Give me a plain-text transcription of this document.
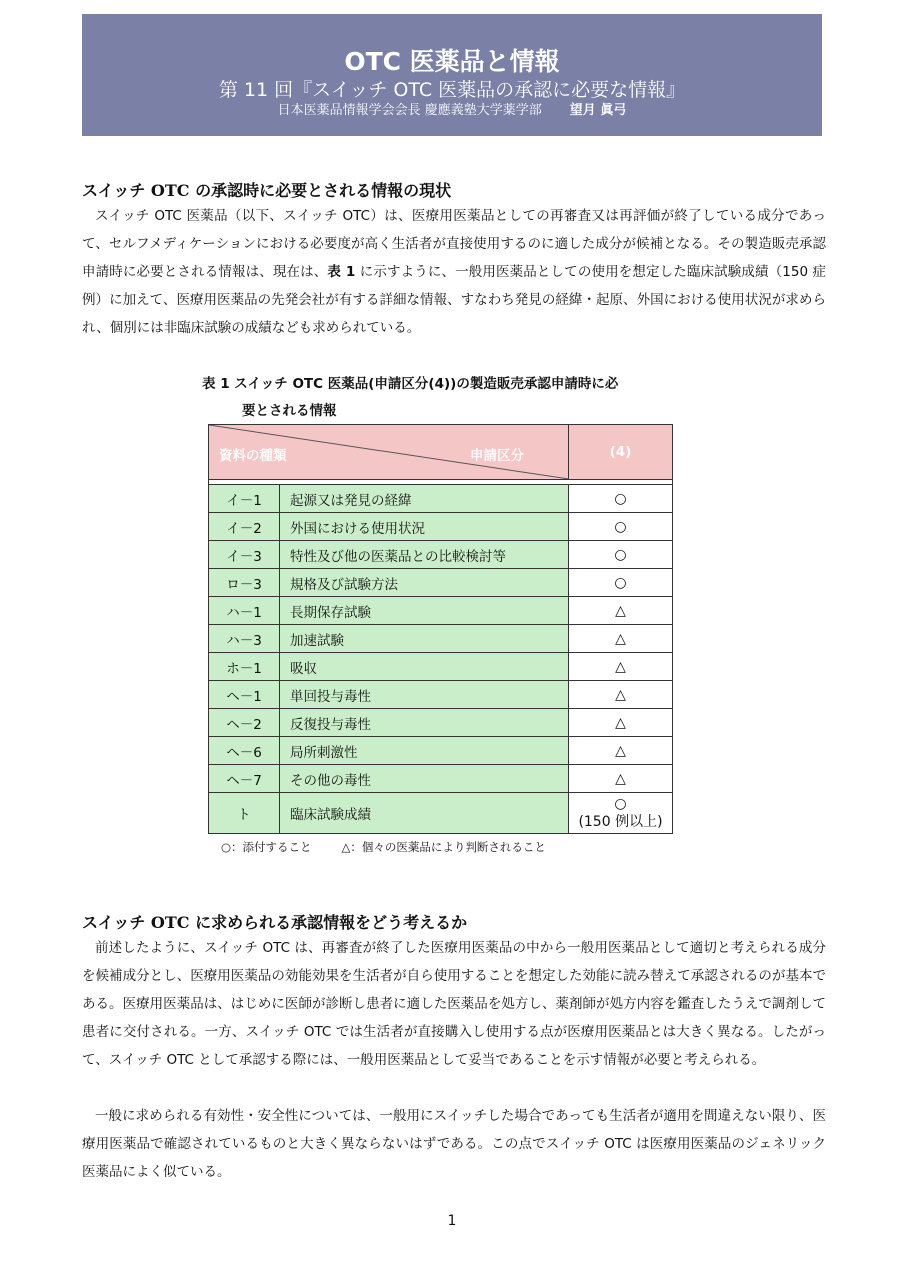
OTC 医薬品と情報
第 11 回『スイッチ OTC 医薬品の承認に必要な情報』
日本医薬品情報学会会長 慶應義塾大学薬学部 望月 眞弓
スイッチ OTC の承認時に必要とされる情報の現状

スイッチ OTC 医薬品（以下、スイッチ OTC）は、医療用医薬品としての再審査又は再評価が終了している成分であって、セルフメディケーションにおける必要度が高く生活者が直接使用するのに適した成分が候補となる。その製造販売承認申請時に必要とされる情報は、現在は、表 1 に示すように、一般用医薬品としての使用を想定した臨床試験成績（150 症例）に加えて、医療用医薬品の先発会社が有する詳細な情報、すなわち発見の経緯・起原、外国における使用状況が求められ、個別には非臨床試験の成績なども求められている。

表 1 スイッチ OTC 医薬品(申請区分(4))の製造販売承認申請時に必
要とされる情報
資料の種類 申請区分		(4)

イ－1	起源又は発見の経緯	○
イ－2	外国における使用状況	○
イ－3	特性及び他の医薬品との比較検討等	○
ロ－3	規格及び試験方法	○
ハ－1	長期保存試験	△
ハ－3	加速試験	△
ホ－1	吸収	△
ヘ－1	単回投与毒性	△
ヘ－2	反復投与毒性	△
ヘ－6	局所刺激性	△
ヘ－7	その他の毒性	△
ト	臨床試験成績	○
(150 例以上)
○：添付すること	△：個々の医薬品により判断されること
スイッチ OTC に求められる承認情報をどう考えるか

前述したように、スイッチ OTC は、再審査が終了した医療用医薬品の中から一般用医薬品として適切と考えられる成分を候補成分とし、医療用医薬品の効能効果を生活者が自ら使用することを想定した効能に読み替えて承認されるのが基本である。医療用医薬品は、はじめに医師が診断し患者に適した医薬品を処方し、薬剤師が処方内容を鑑査したうえで調剤して患者に交付される。一方、スイッチ OTC では生活者が直接購入し使用する点が医療用医薬品とは大きく異なる。したがって、スイッチ OTC として承認する際には、一般用医薬品として妥当であることを示す情報が必要と考えられる。

一般に求められる有効性・安全性については、一般用にスイッチした場合であっても生活者が適用を間違えない限り、医療用医薬品で確認されているものと大きく異ならないはずである。この点でスイッチ OTC は医療用医薬品のジェネリック医薬品によく似ている。

1
